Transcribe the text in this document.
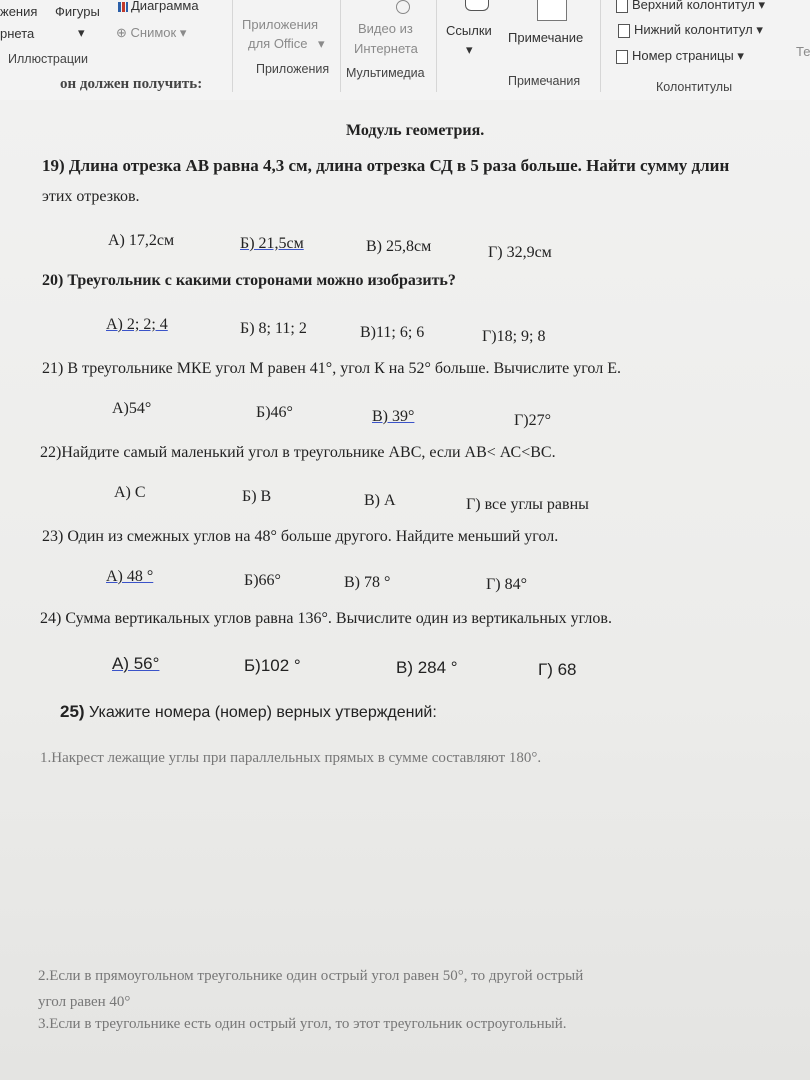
жения Фигуры	Диаграмма
рнета	▾ ⊕ Снимок ▾
Иллюстрации
Приложения
для Office ▾
Приложения
Видео из
Интернета
Мультимедиа
Ссылки
▾
Примечание
Примечания
Верхний колонтитул ▾
Нижний колонтитул ▾
Номер страницы ▾
Колонтитулы
Те
он должен получить:
Модуль геометрия.
19) Длина отрезка АВ равна 4,3 см, длина отрезка СД в 5 раза больше. Найти сумму длин
этих отрезков.
А) 17,2см	Б) 21,5см	В) 25,8см	Г) 32,9см
20) Треугольник с какими сторонами можно изобразить?
А) 2; 2; 4	Б) 8; 11; 2	В)11; 6; 6	Г)18; 9; 8
21) В треугольнике МКЕ угол М равен 41°, угол К на 52° больше. Вычислите угол Е.
А)54°	Б)46°	В) 39°	Г)27°
22)Найдите самый маленький угол в треугольнике АВС, если АВ< АС<ВС.
А) С	Б) В	В) А	Г) все углы равны
23) Один из смежных углов на 48° больше другого. Найдите меньший угол.
А) 48 °	Б)66°	В) 78 °	Г) 84°
24) Сумма вертикальных углов равна 136°. Вычислите один из вертикальных углов.
А) 56°	Б)102 °	В) 284 °	Г) 68
25) Укажите номера (номер) верных утверждений:
1.Накрест лежащие углы при параллельных прямых в сумме составляют 180°.
2.Если в прямоугольном треугольнике один острый угол равен 50°, то другой острый
угол равен 40°
3.Если в треугольнике есть один острый угол, то этот треугольник остроугольный.
